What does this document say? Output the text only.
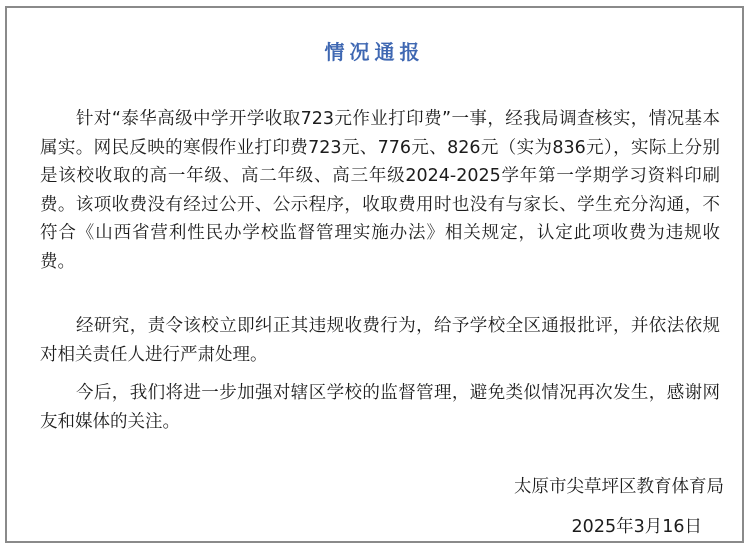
情况通报

针对“泰华高级中学开学收取723元作业打印费”一事，经我局调查核实，情况基本属实。网民反映的寒假作业打印费723元、776元、826元（实为836元），实际上分别是该校收取的高一年级、高二年级、高三年级2024-2025学年第一学期学习资料印刷费。该项收费没有经过公开、公示程序，收取费用时也没有与家长、学生充分沟通，不符合《山西省营利性民办学校监督管理实施办法》相关规定，认定此项收费为违规收费。

经研究，责令该校立即纠正其违规收费行为，给予学校全区通报批评，并依法依规对相关责任人进行严肃处理。

今后，我们将进一步加强对辖区学校的监督管理，避免类似情况再次发生，感谢网友和媒体的关注。

太原市尖草坪区教育体育局
2025年3月16日
